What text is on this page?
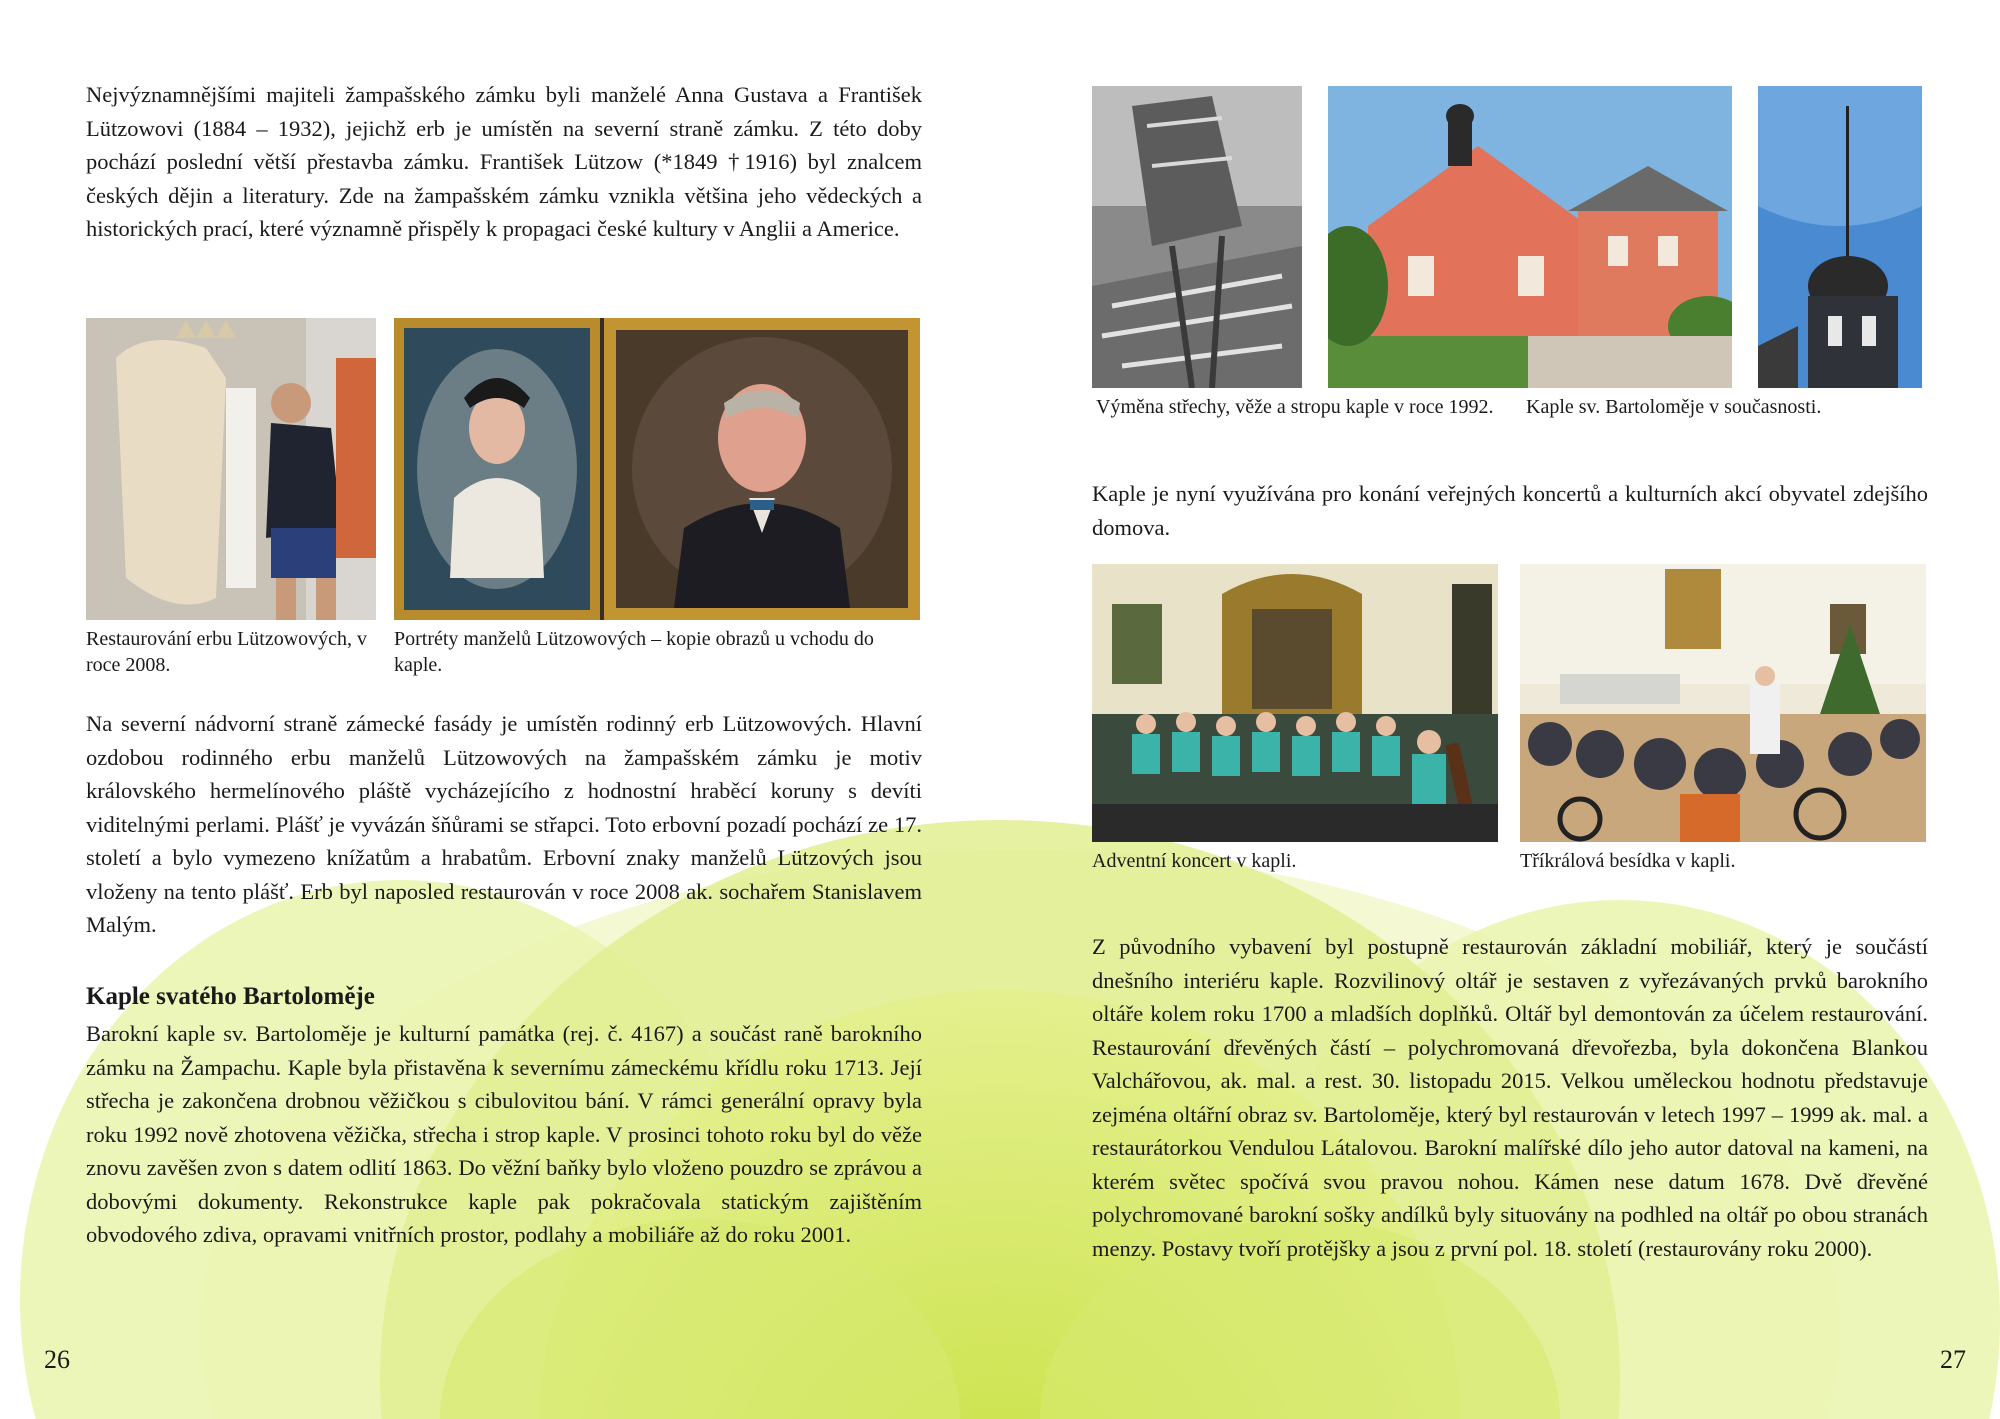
Nejvýznamnějšími majiteli žampašského zámku byli manželé Anna Gustava a František Lützowovi (1884 – 1932), jejichž erb je umístěn na severní straně zámku. Z této doby pochází poslední větší přestavba zámku. František Lützow (*1849 †1916) byl znalcem českých dějin a literatury. Zde na žampašském zámku vznikla většina jeho vědeckých a historických prací, které významně přispěly k propagaci české kultury v Anglii a Americe.

Restaurování erbu Lützowových, v roce 2008.

Portréty manželů Lützowových – kopie obrazů u vchodu do kaple.

Na severní nádvorní straně zámecké fasády je umístěn rodinný erb Lützowových. Hlavní ozdobou rodinného erbu manželů Lützowových na žampašském zámku je motiv královského hermelínového pláště vycházejícího z hodnostní hraběcí koruny s devíti viditelnými perlami. Plášť je vyvázán šňůrami se střapci. Toto erbovní pozadí pochází ze 17. století a bylo vymezeno knížatům a hrabatům. Erbovní znaky manželů Lützových jsou vloženy na tento plášť. Erb byl naposled restaurován v roce 2008 ak. sochařem Stanislavem Malým.

Kaple svatého Bartoloměje

Barokní kaple sv. Bartoloměje je kulturní památka (rej. č. 4167) a součást raně barokního zámku na Žampachu. Kaple byla přistavěna k severnímu zámeckému křídlu roku 1713. Její střecha je zakončena drobnou věžičkou s cibulovitou bání. V rámci generální opravy byla roku 1992 nově zhotovena věžička, střecha i strop kaple. V prosinci tohoto roku byl do věže znovu zavěšen zvon s datem odlití 1863. Do věžní baňky bylo vloženo pouzdro se zprávou a dobovými dokumenty. Rekonstrukce kaple pak pokračovala statickým zajištěním obvodového zdiva, opravami vnitřních prostor, podlahy a mobiliáře až do roku 2001.

26

Výměna střechy, věže a stropu kaple v roce 1992.	Kaple sv. Bartoloměje v současnosti.

Kaple je nyní využívána pro konání veřejných koncertů a kulturních akcí obyvatel zdejšího domova.

Adventní koncert v kapli.	Tříkrálová besídka v kapli.

Z původního vybavení byl postupně restaurován základní mobiliář, který je součástí dnešního interiéru kaple. Rozvilinový oltář je sestaven z vyřezávaných prvků barokního oltáře kolem roku 1700 a mladších doplňků. Oltář byl demontován za účelem restaurování. Restaurování dřevěných částí – polychromovaná dřevořezba, byla dokončena Blankou Valchářovou, ak. mal. a rest. 30. listopadu 2015. Velkou uměleckou hodnotu představuje zejména oltářní obraz sv. Bartoloměje, který byl restaurován v letech 1997 – 1999 ak. mal. a restaurátorkou Vendulou Látalovou. Barokní malířské dílo jeho autor datoval na kameni, na kterém světec spočívá svou pravou nohou. Kámen nese datum 1678. Dvě dřevěné polychromované barokní sošky andílků byly situovány na podhled na oltář po obou stranách menzy. Postavy tvoří protějšky a jsou z první pol. 18. století (restaurovány roku 2000).

27
